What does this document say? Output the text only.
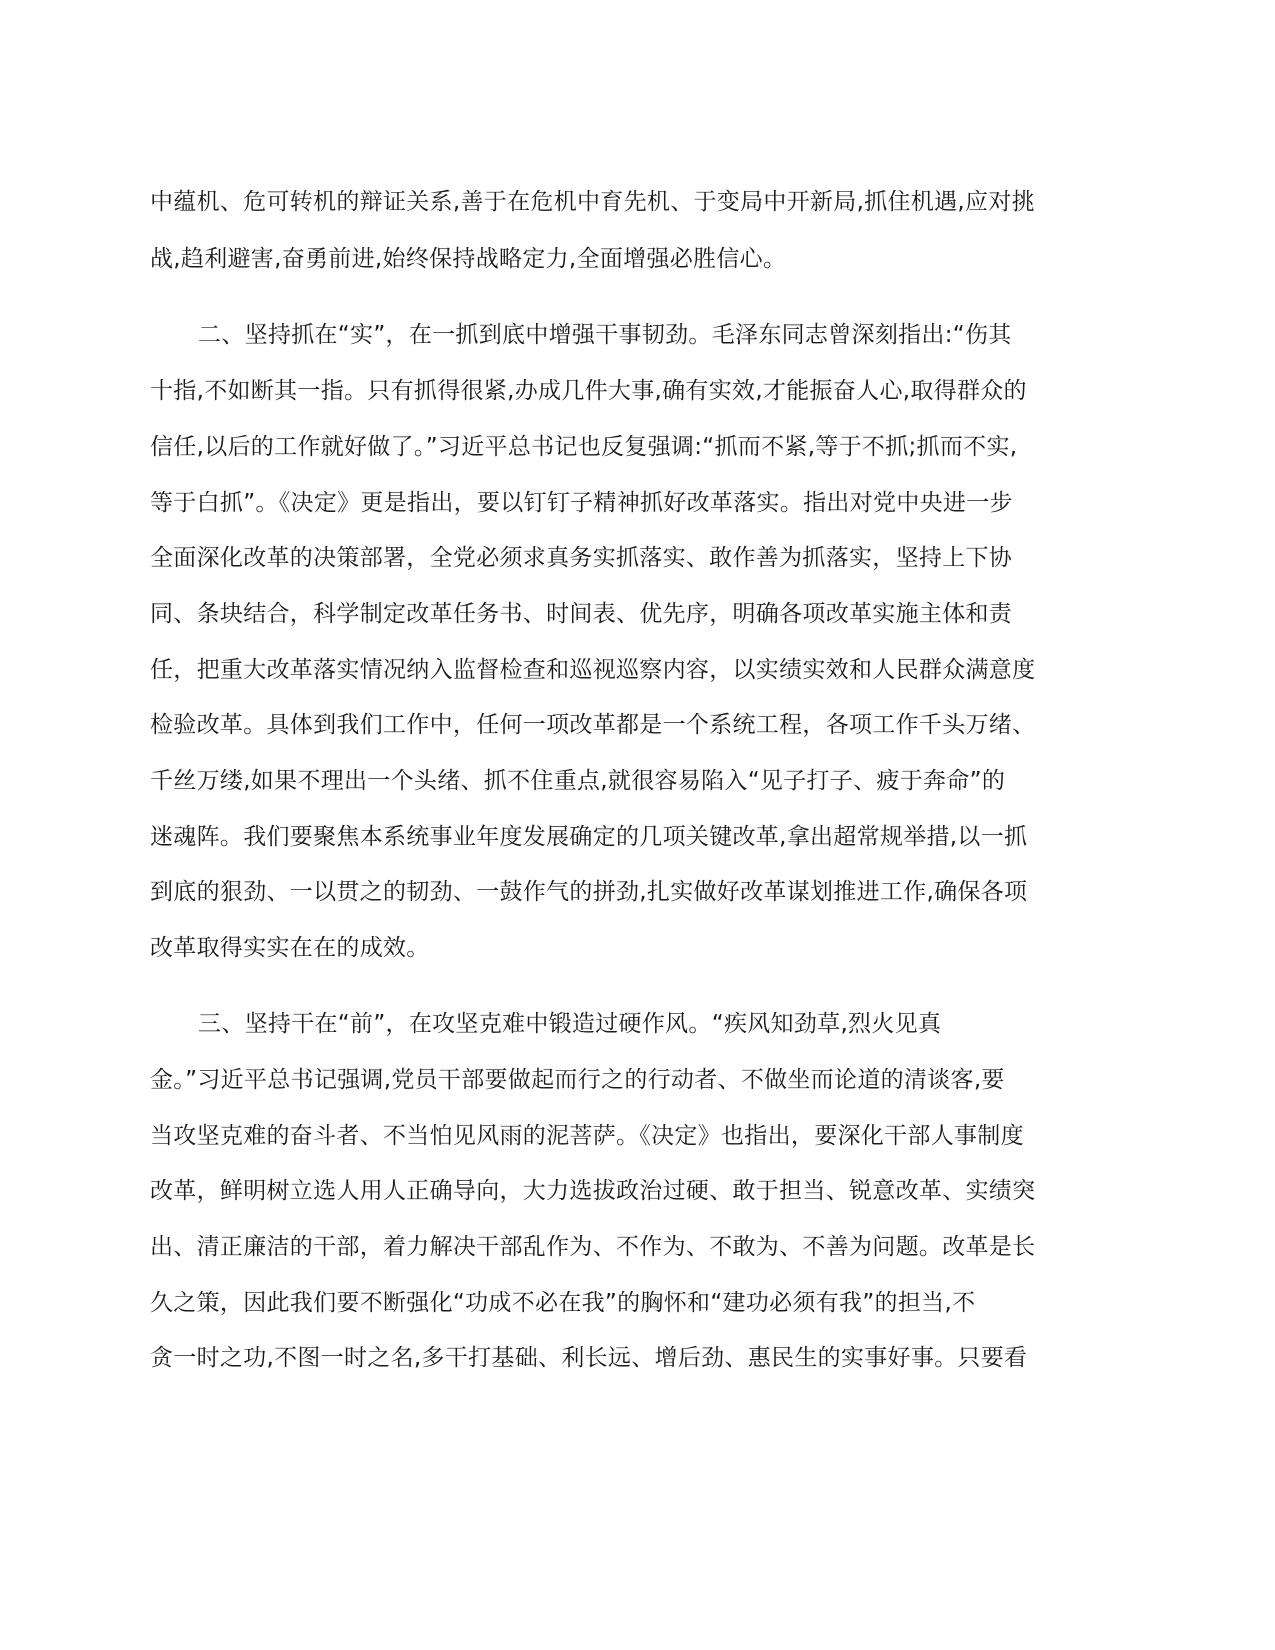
中蕴机、危可转机的辩证关系,善于在危机中育先机、于变局中开新局,抓住机遇,应对挑
战,趋利避害,奋勇前进,始终保持战略定力,全面增强必胜信心。
二、坚持抓在“实”，在一抓到底中增强干事韧劲。毛泽东同志曾深刻指出:“伤其
十指,不如断其一指。只有抓得很紧,办成几件大事,确有实效,才能振奋人心,取得群众的
信任,以后的工作就好做了。”习近平总书记也反复强调:“抓而不紧,等于不抓;抓而不实,
等于白抓”。《决定》更是指出，要以钉钉子精神抓好改革落实。指出对党中央进一步
全面深化改革的决策部署，全党必须求真务实抓落实、敢作善为抓落实，坚持上下协
同、条块结合，科学制定改革任务书、时间表、优先序，明确各项改革实施主体和责
任，把重大改革落实情况纳入监督检查和巡视巡察内容，以实绩实效和人民群众满意度
检验改革。具体到我们工作中，任何一项改革都是一个系统工程，各项工作千头万绪、
千丝万缕,如果不理出一个头绪、抓不住重点,就很容易陷入“见子打子、疲于奔命”的
迷魂阵。我们要聚焦本系统事业年度发展确定的几项关键改革,拿出超常规举措,以一抓
到底的狠劲、一以贯之的韧劲、一鼓作气的拼劲,扎实做好改革谋划推进工作,确保各项
改革取得实实在在的成效。
三、坚持干在“前”，在攻坚克难中锻造过硬作风。“疾风知劲草,烈火见真
金。”习近平总书记强调,党员干部要做起而行之的行动者、不做坐而论道的清谈客,要
当攻坚克难的奋斗者、不当怕见风雨的泥菩萨。《决定》也指出，要深化干部人事制度
改革，鲜明树立选人用人正确导向，大力选拔政治过硬、敢于担当、锐意改革、实绩突
出、清正廉洁的干部，着力解决干部乱作为、不作为、不敢为、不善为问题。改革是长
久之策，因此我们要不断强化“功成不必在我”的胸怀和“建功必须有我”的担当,不
贪一时之功,不图一时之名,多干打基础、利长远、增后劲、惠民生的实事好事。只要看
